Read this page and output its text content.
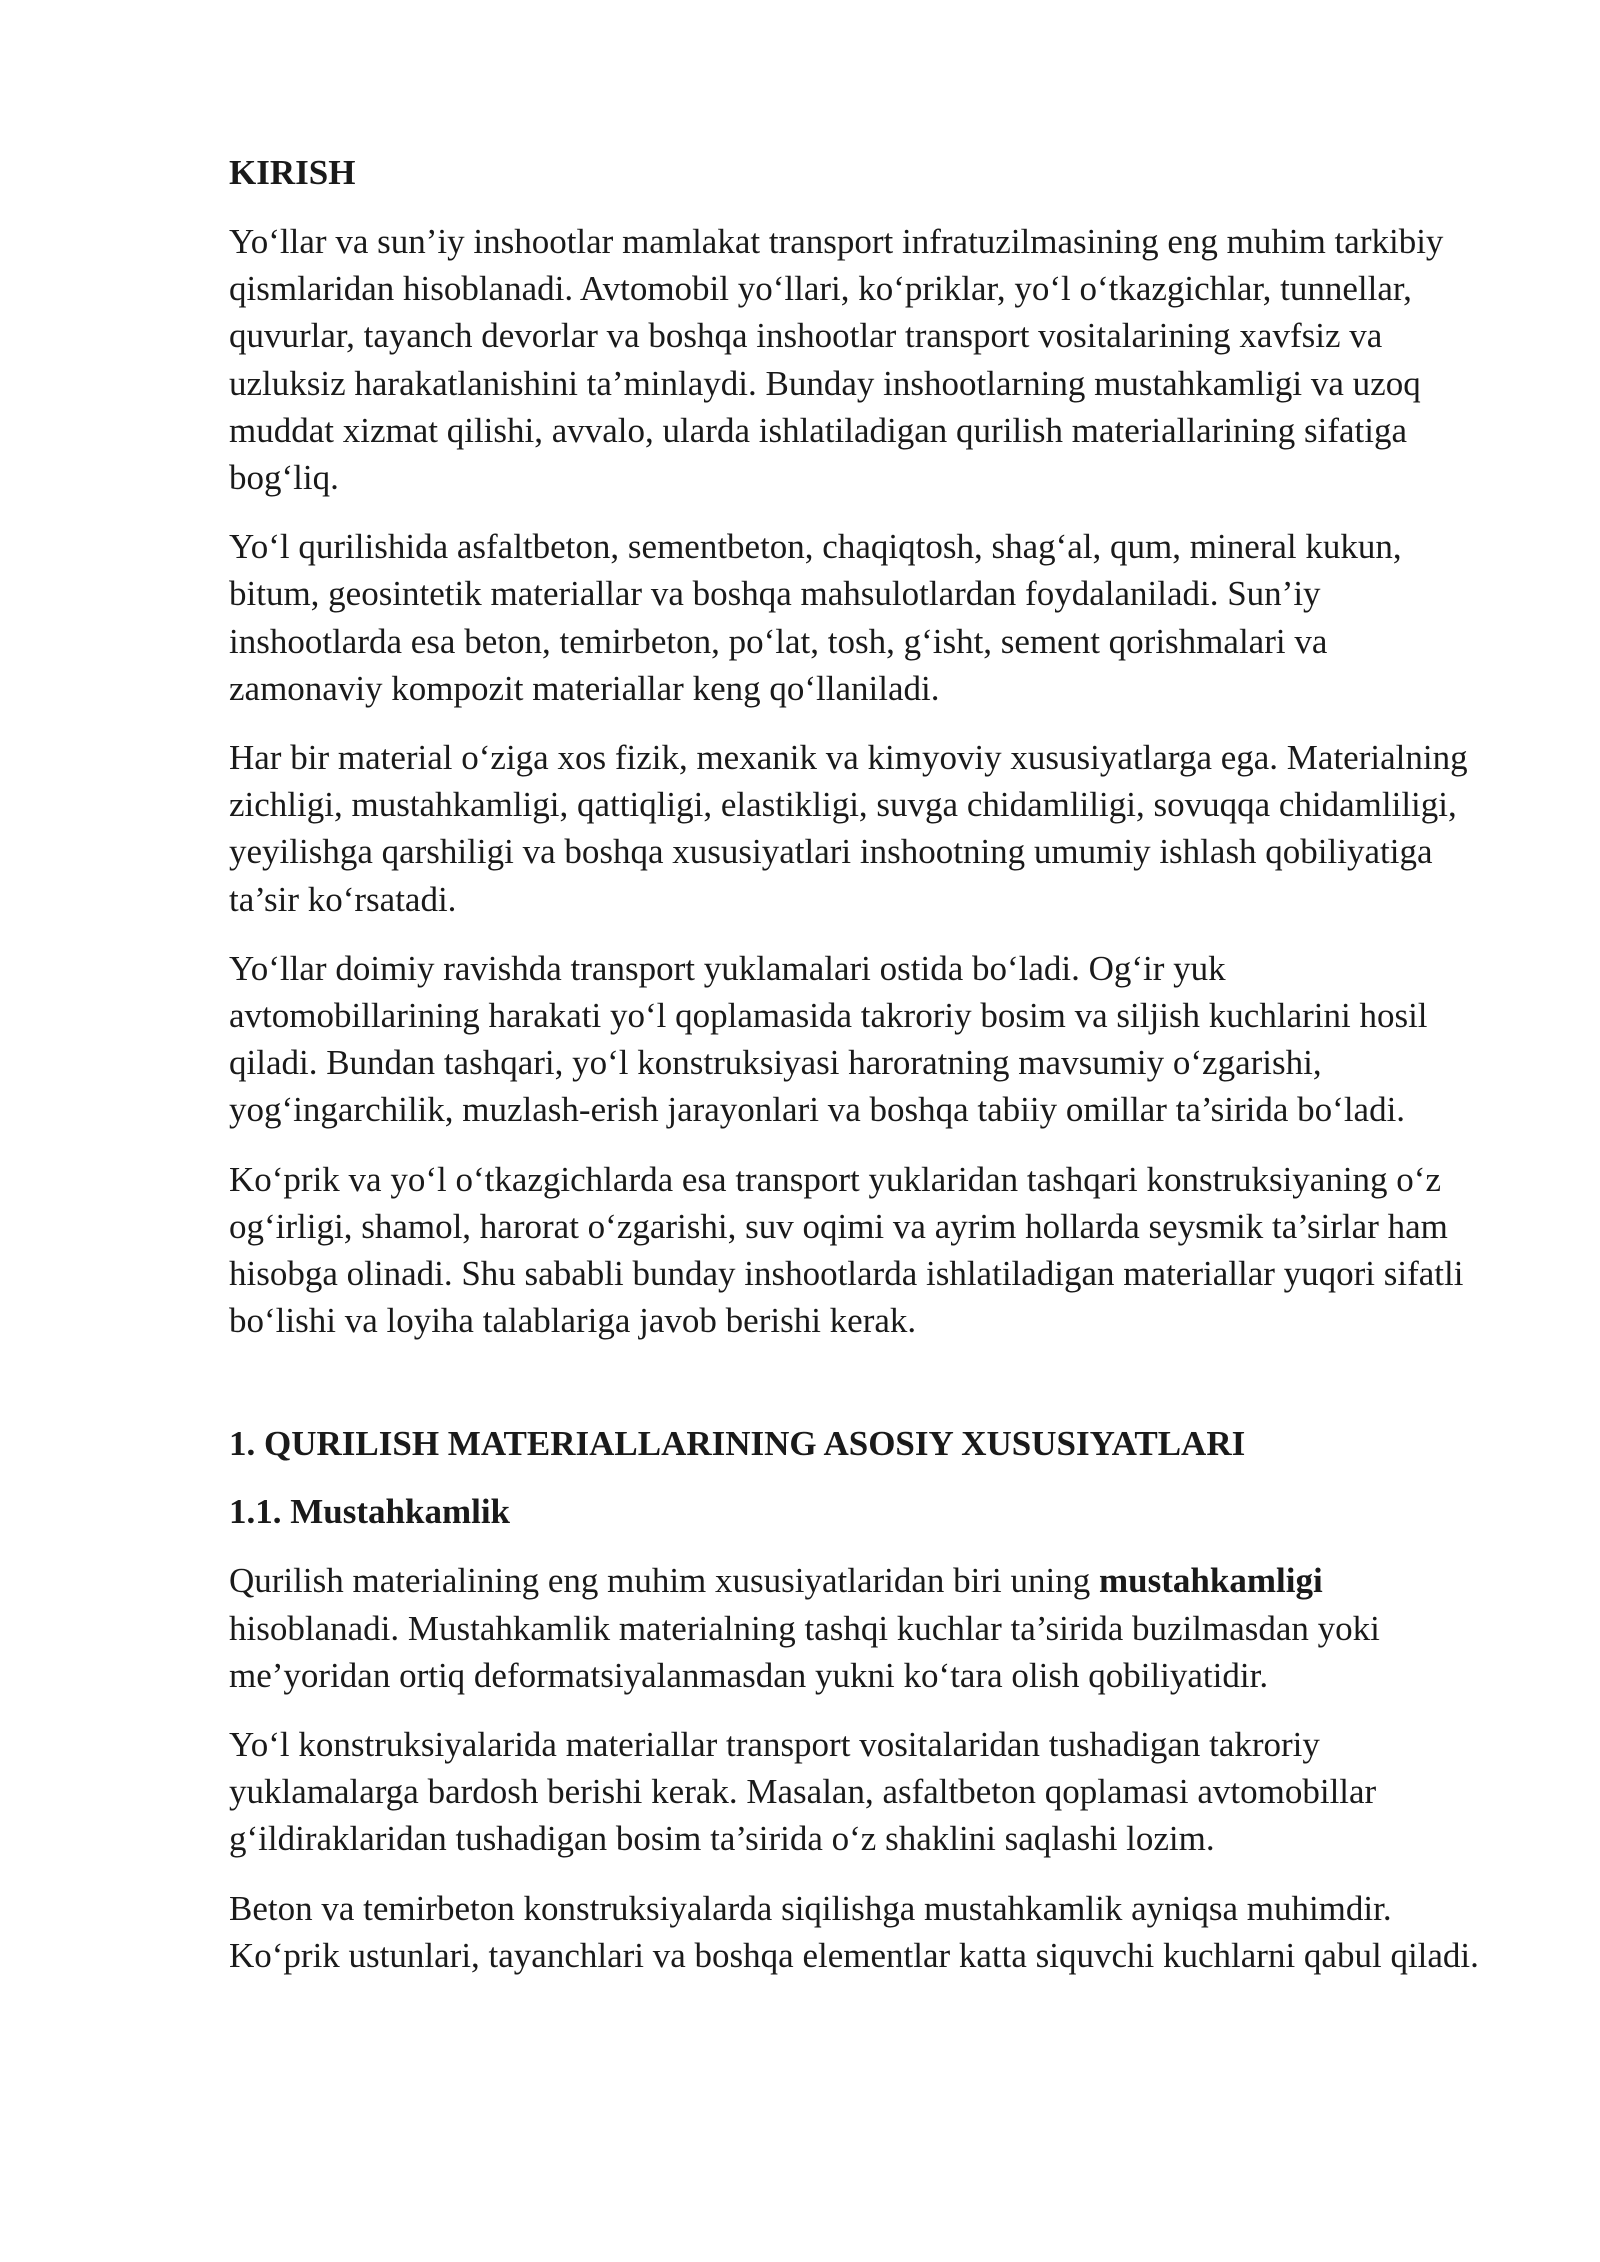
KIRISH

Yo‘llar va sun’iy inshootlar mamlakat transport infratuzilmasining eng muhim tarkibiy qismlaridan hisoblanadi. Avtomobil yo‘llari, ko‘priklar, yo‘l o‘tkazgichlar, tunnellar, quvurlar, tayanch devorlar va boshqa inshootlar transport vositalarining xavfsiz va uzluksiz harakatlanishini ta’minlaydi. Bunday inshootlarning mustahkamligi va uzoq muddat xizmat qilishi, avvalo, ularda ishlatiladigan qurilish materiallarining sifatiga bog‘liq.

Yo‘l qurilishida asfaltbeton, sementbeton, chaqiqtosh, shag‘al, qum, mineral kukun, bitum, geosintetik materiallar va boshqa mahsulotlardan foydalaniladi. Sun’iy inshootlarda esa beton, temirbeton, po‘lat, tosh, g‘isht, sement qorishmalari va zamonaviy kompozit materiallar keng qo‘llaniladi.

Har bir material o‘ziga xos fizik, mexanik va kimyoviy xususiyatlarga ega. Materialning zichligi, mustahkamligi, qattiqligi, elastikligi, suvga chidamliligi, sovuqqa chidamliligi, yeyilishga qarshiligi va boshqa xususiyatlari inshootning umumiy ishlash qobiliyatiga ta’sir ko‘rsatadi.

Yo‘llar doimiy ravishda transport yuklamalari ostida bo‘ladi. Og‘ir yuk avtomobillarining harakati yo‘l qoplamasida takroriy bosim va siljish kuchlarini hosil qiladi. Bundan tashqari, yo‘l konstruksiyasi haroratning mavsumiy o‘zgarishi, yog‘ingarchilik, muzlash-erish jarayonlari va boshqa tabiiy omillar ta’sirida bo‘ladi.

Ko‘prik va yo‘l o‘tkazgichlarda esa transport yuklaridan tashqari konstruksiyaning o‘z og‘irligi, shamol, harorat o‘zgarishi, suv oqimi va ayrim hollarda seysmik ta’sirlar ham hisobga olinadi. Shu sababli bunday inshootlarda ishlatiladigan materiallar yuqori sifatli bo‘lishi va loyiha talablariga javob berishi kerak.

1. QURILISH MATERIALLARINING ASOSIY XUSUSIYATLARI
1.1. Mustahkamlik

Qurilish materialining eng muhim xususiyatlaridan biri uning mustahkamligi hisoblanadi. Mustahkamlik materialning tashqi kuchlar ta’sirida buzilmasdan yoki me’yoridan ortiq deformatsiyalanmasdan yukni ko‘tara olish qobiliyatidir.

Yo‘l konstruksiyalarida materiallar transport vositalaridan tushadigan takroriy yuklamalarga bardosh berishi kerak. Masalan, asfaltbeton qoplamasi avtomobillar g‘ildiraklaridan tushadigan bosim ta’sirida o‘z shaklini saqlashi lozim.

Beton va temirbeton konstruksiyalarda siqilishga mustahkamlik ayniqsa muhimdir. Ko‘prik ustunlari, tayanchlari va boshqa elementlar katta siquvchi kuchlarni qabul qiladi.
